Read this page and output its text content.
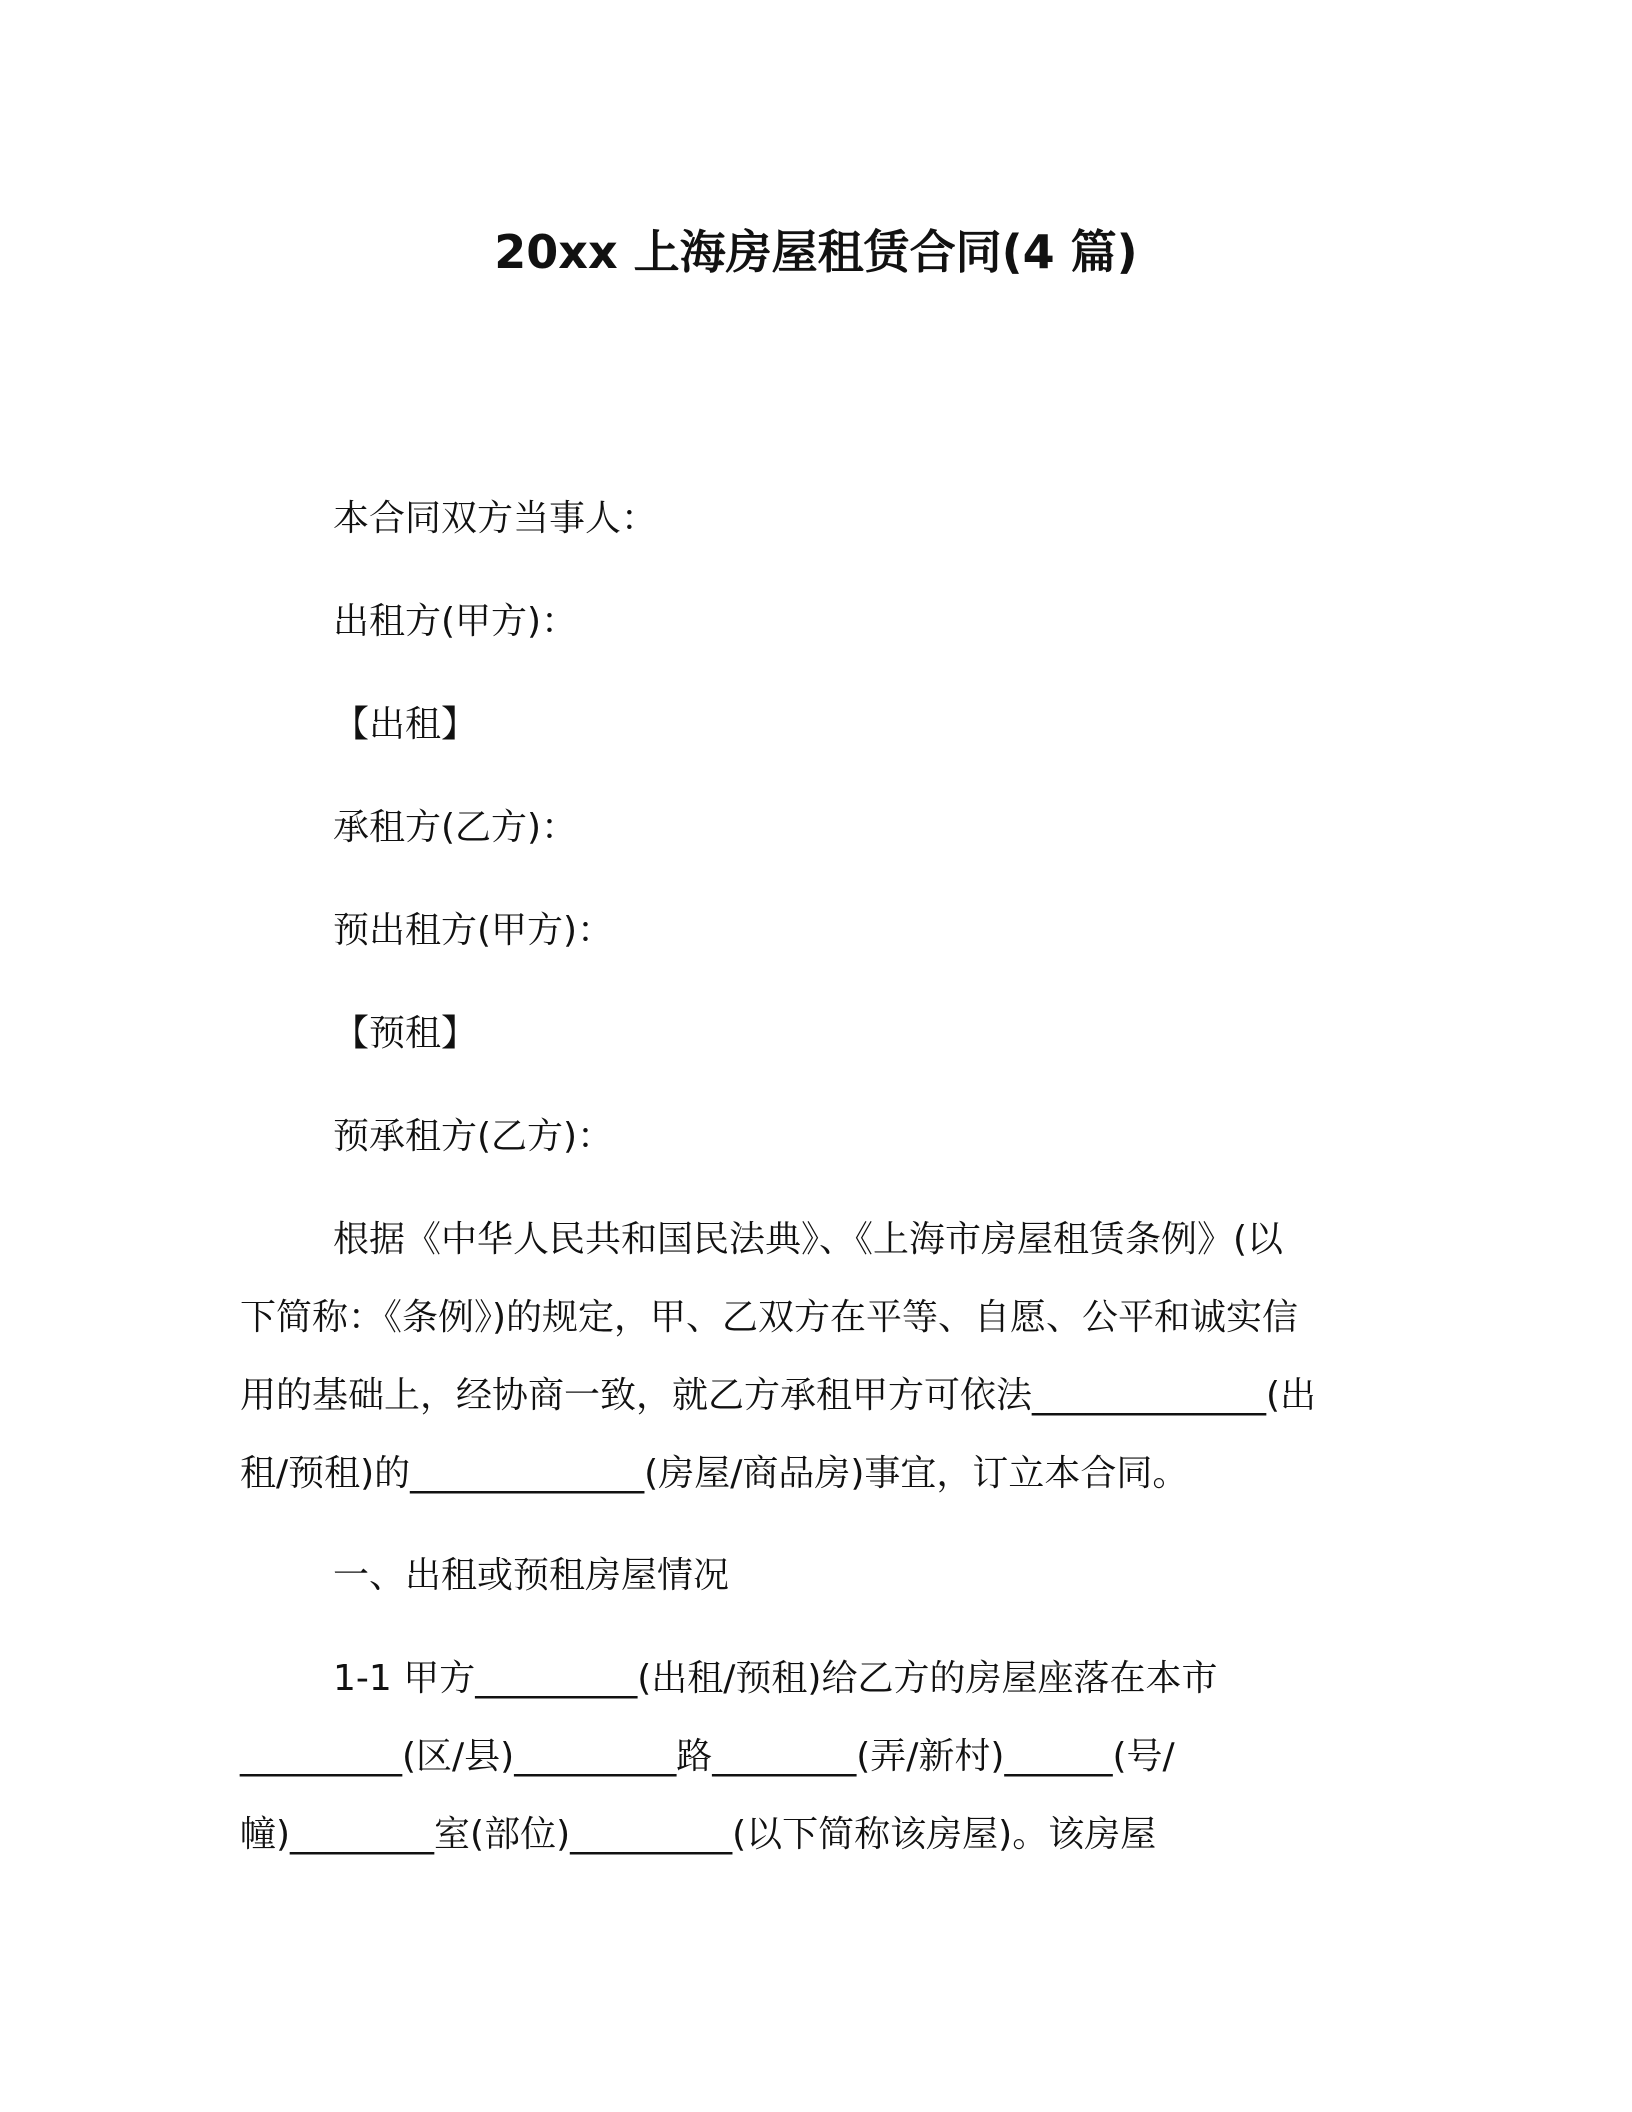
20xx 上海房屋租赁合同(4 篇)
本合同双方当事人：
出租方(甲方)：
【出租】
承租方(乙方)：
预出租方(甲方)：
【预租】
预承租方(乙方)：
根据《中华人民共和国民法典》、《上海市房屋租赁条例》(以
下简称：《条例》)的规定，甲、乙双方在平等、自愿、公平和诚实信
用的基础上，经协商一致，就乙方承租甲方可依法_____________(出
租/预租)的_____________(房屋/商品房)事宜，订立本合同。
一、出租或预租房屋情况
1-1 甲方_________(出租/预租)给乙方的房屋座落在本市
_________(区/县)_________路________(弄/新村)______(号/
幢)________室(部位)_________(以下简称该房屋)。该房屋
